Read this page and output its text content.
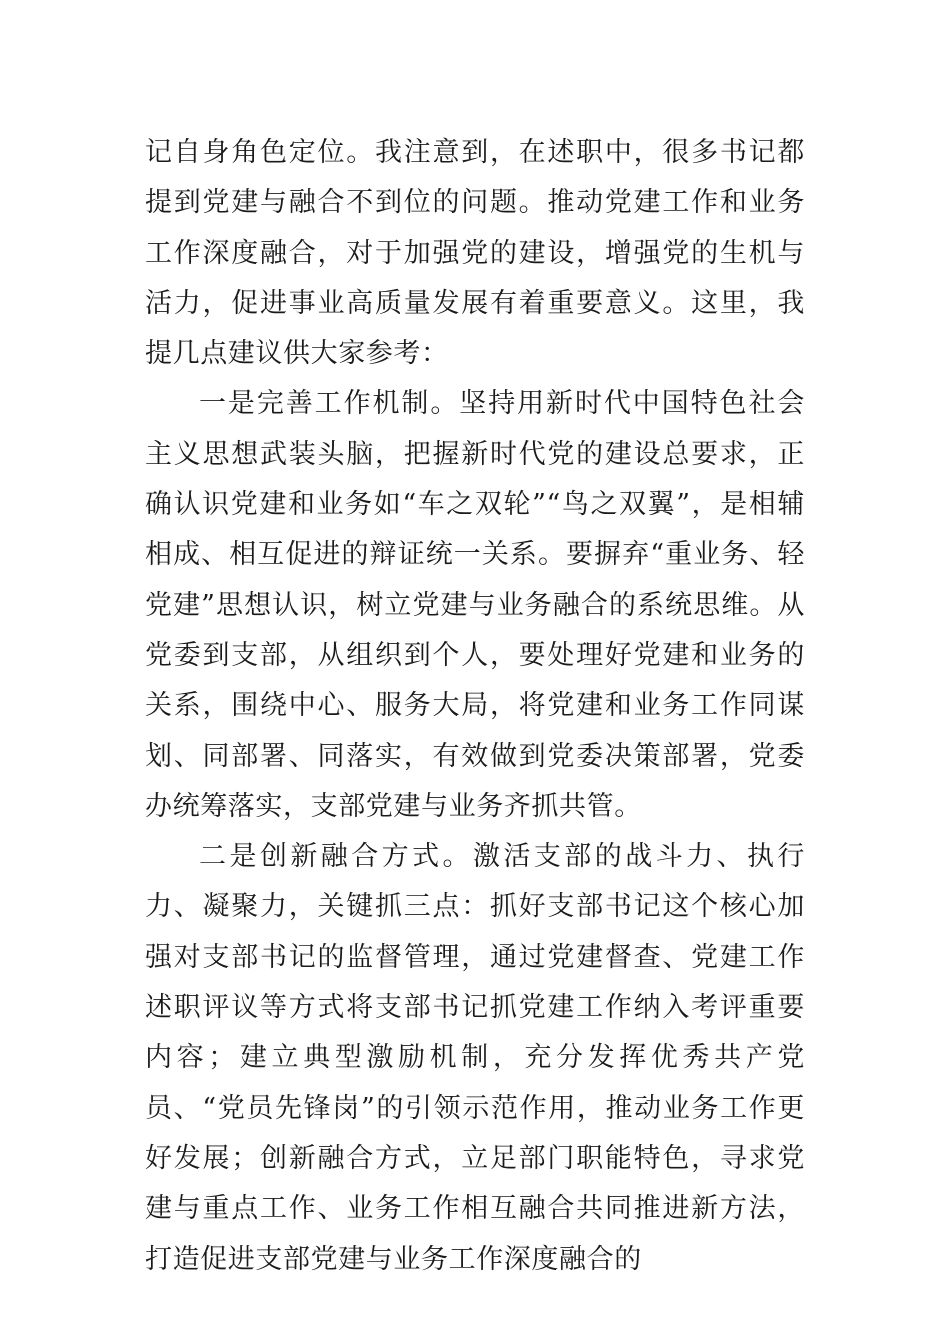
记自身角色定位。我注意到，在述职中，很多书记都提到党建与融合不到位的问题。推动党建工作和业务工作深度融合，对于加强党的建设，增强党的生机与活力，促进事业高质量发展有着重要意义。这里，我提几点建议供大家参考：

一是完善工作机制。坚持用新时代中国特色社会主义思想武装头脑，把握新时代党的建设总要求，正确认识党建和业务如“车之双轮”“鸟之双翼”，是相辅相成、相互促进的辩证统一关系。要摒弃“重业务、轻党建”思想认识，树立党建与业务融合的系统思维。从党委到支部，从组织到个人，要处理好党建和业务的关系，围绕中心、服务大局，将党建和业务工作同谋划、同部署、同落实，有效做到党委决策部署，党委办统筹落实，支部党建与业务齐抓共管。

二是创新融合方式。激活支部的战斗力、执行力、凝聚力，关键抓三点：抓好支部书记这个核心加强对支部书记的监督管理，通过党建督查、党建工作述职评议等方式将支部书记抓党建工作纳入考评重要内容；建立典型激励机制，充分发挥优秀共产党员、“党员先锋岗”的引领示范作用，推动业务工作更好发展；创新融合方式，立足部门职能特色，寻求党建与重点工作、业务工作相互融合共同推进新方法，打造促进支部党建与业务工作深度融合的
